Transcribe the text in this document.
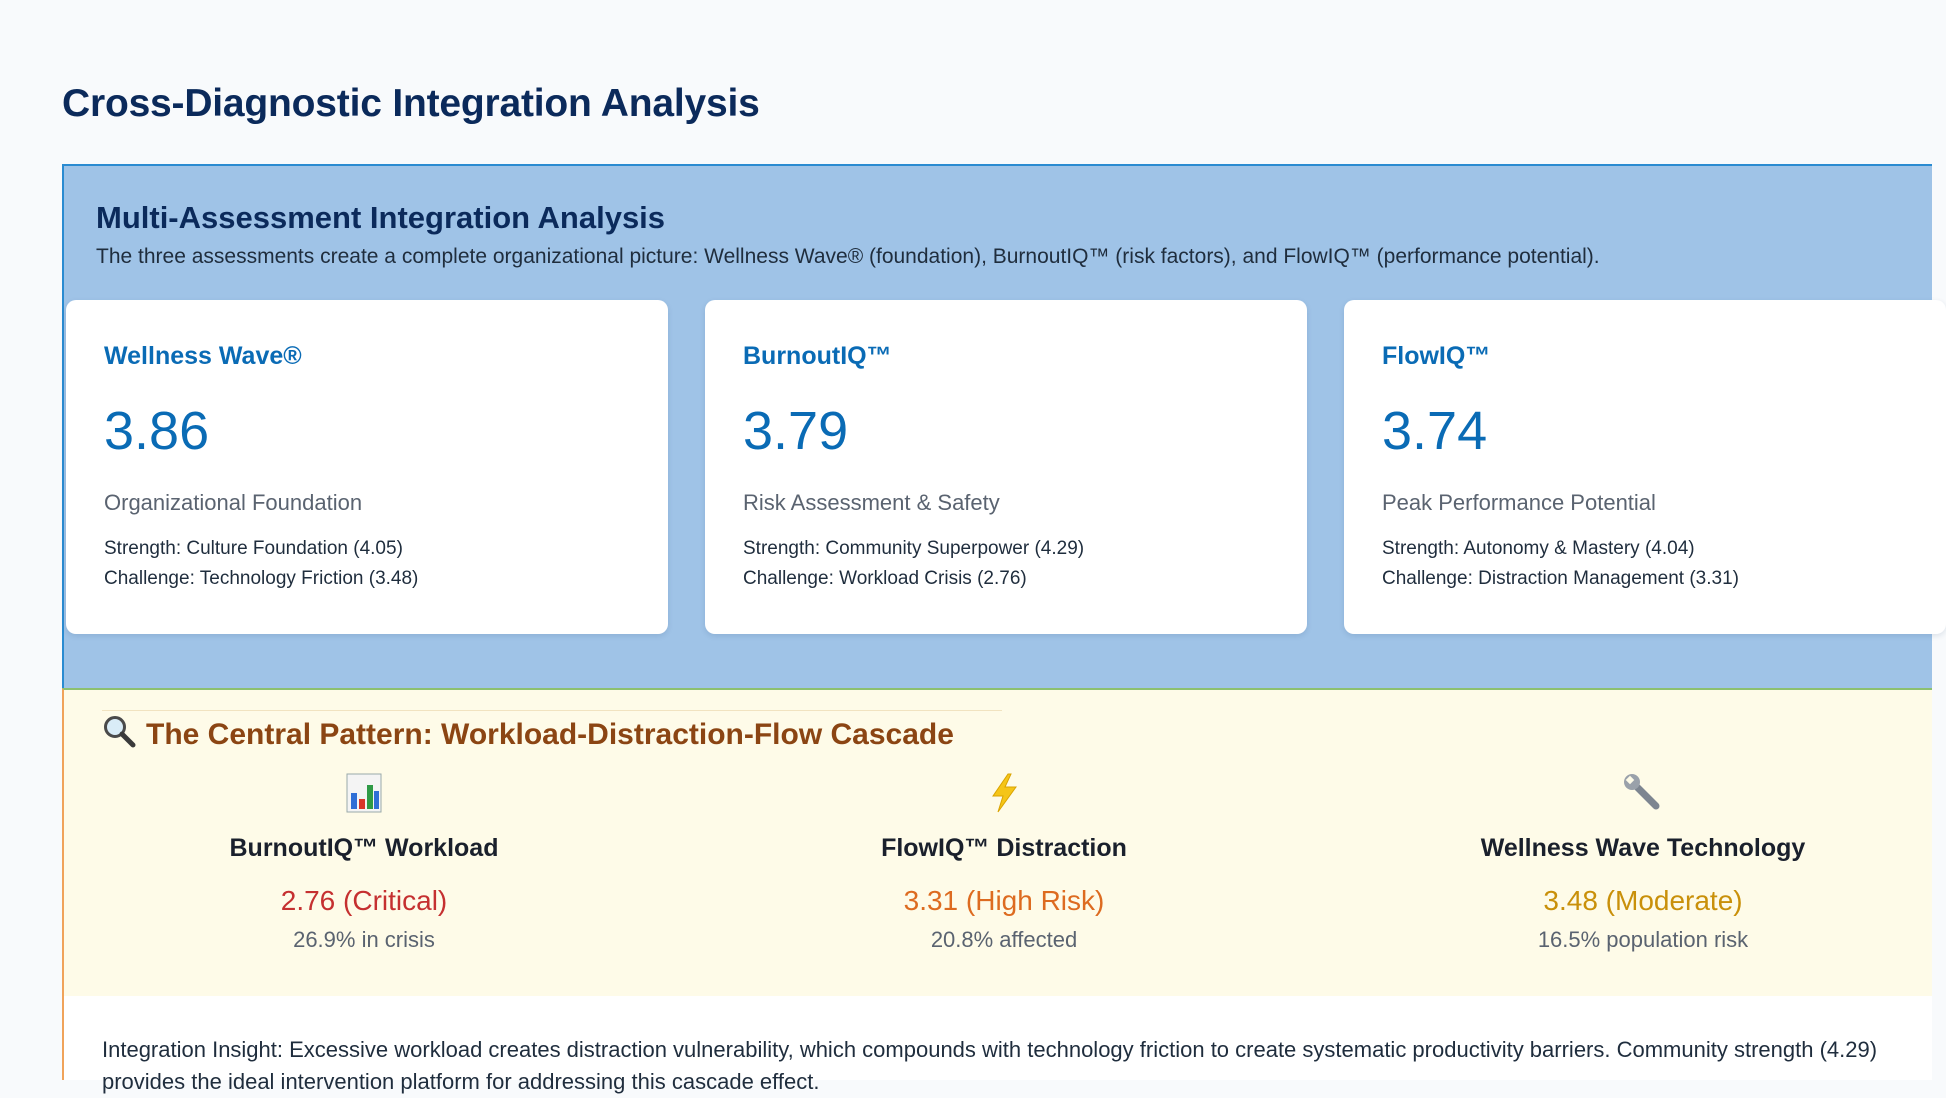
Cross-Diagnostic Integration Analysis
Multi-Assessment Integration Analysis

The three assessments create a complete organizational picture: Wellness Wave® (foundation), BurnoutIQ™ (risk factors), and FlowIQ™ (performance potential).

Wellness Wave®
3.86
Organizational Foundation
Strength: Culture Foundation (4.05)
Challenge: Technology Friction (3.48)
BurnoutIQ™
3.79
Risk Assessment & Safety
Strength: Community Superpower (4.29)
Challenge: Workload Crisis (2.76)
FlowIQ™
3.74
Peak Performance Potential
Strength: Autonomy & Mastery (4.04)
Challenge: Distraction Management (3.31)
The Central Pattern: Workload-Distraction-Flow Cascade
BurnoutIQ™ Workload
2.76 (Critical)
26.9% in crisis
FlowIQ™ Distraction
3.31 (High Risk)
20.8% affected
Wellness Wave Technology
3.48 (Moderate)
16.5% population risk

Integration Insight: Excessive workload creates distraction vulnerability, which compounds with technology friction to create systematic productivity barriers. Community strength (4.29) provides the ideal intervention platform for addressing this cascade effect.
